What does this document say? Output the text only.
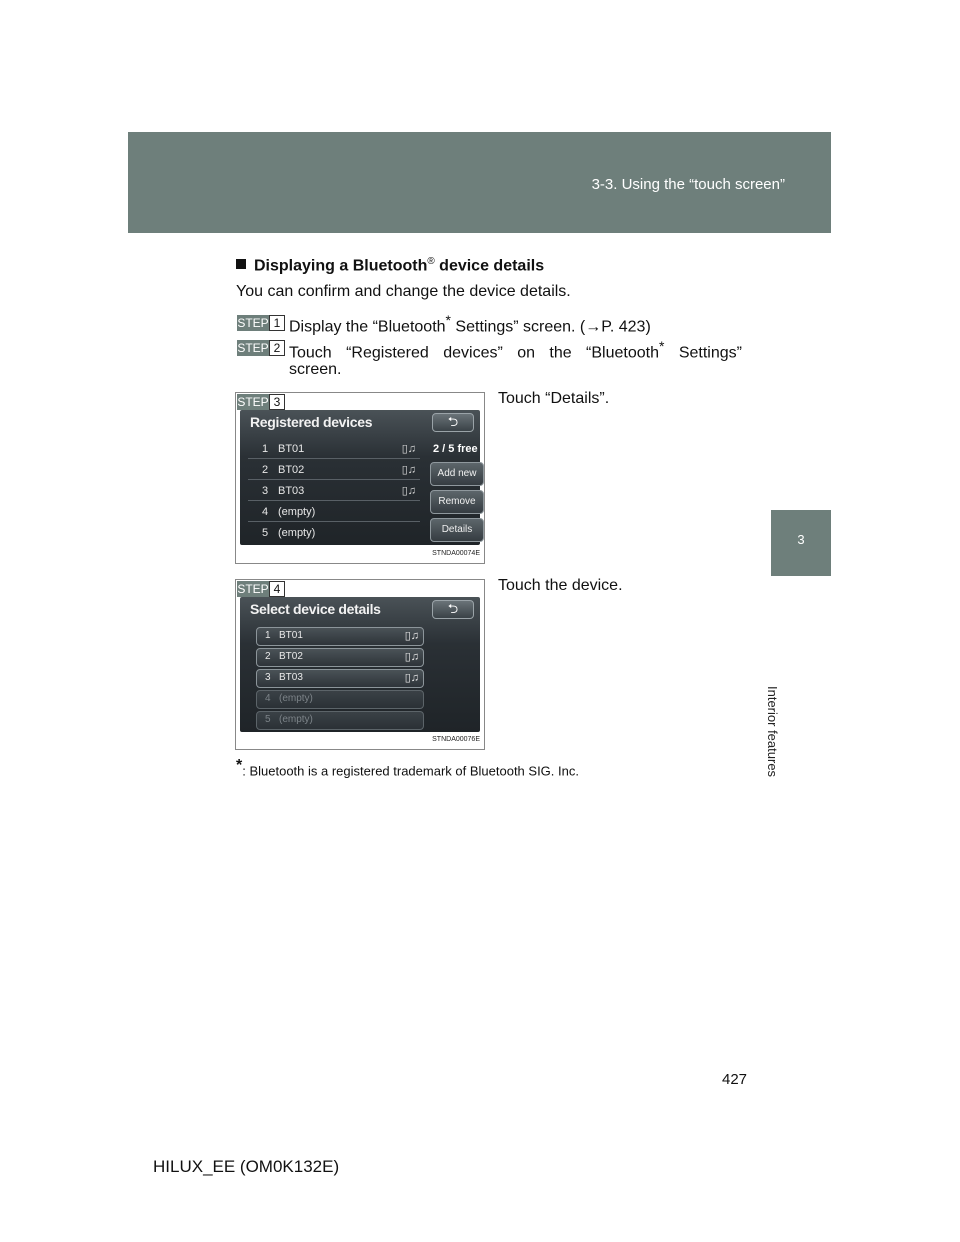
3-3. Using the “touch screen”
3
Interior features
Displaying a Bluetooth® device details
You can confirm and change the device details.
STEP 1 Display the “Bluetooth* Settings” screen. (→P. 423)
STEP 2 Touch “Registered devices” on the “Bluetooth* Settings”
screen.
STEP 3
Registered devices	⮌
1 BT01	▯♫
2 BT02	▯♫
3 BT03	▯♫
4 (empty)
5 (empty)
2 / 5 free
Add new
Remove
Details
STNDA00074E
Touch “Details”.
STEP 4
Select device details	⮌
1 BT01	▯♫
2 BT02	▯♫
3 BT03	▯♫
4 (empty)
5 (empty)
STNDA00076E
Touch the device.
*: Bluetooth is a registered trademark of Bluetooth SIG. Inc.
427
HILUX_EE (OM0K132E)
